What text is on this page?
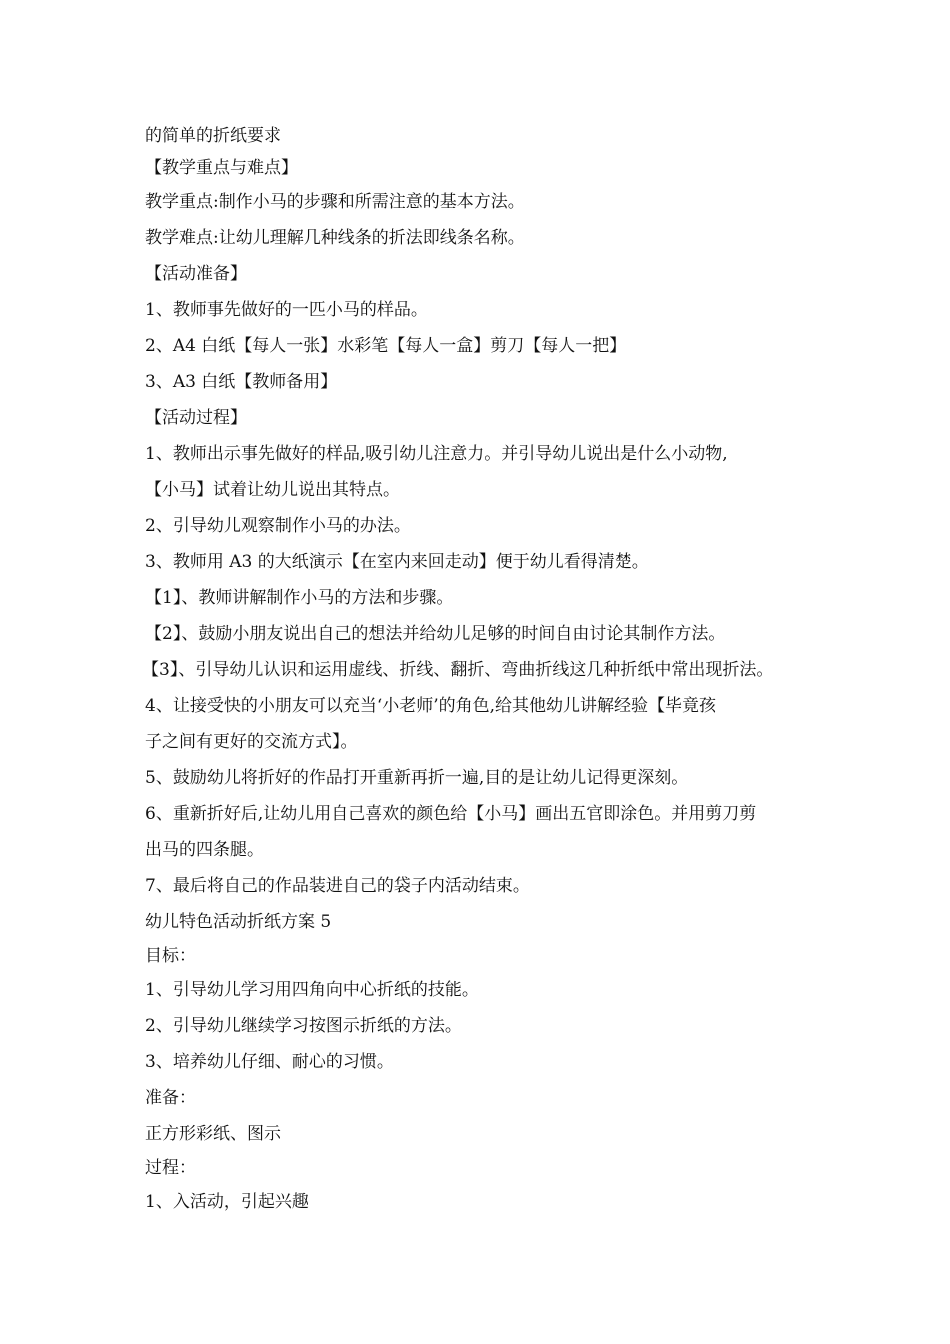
的简单的折纸要求
【教学重点与难点】
教学重点:制作小马的步骤和所需注意的基本方法。
教学难点:让幼儿理解几种线条的折法即线条名称。
【活动准备】
1、教师事先做好的一匹小马的样品。
2、A4 白纸【每人一张】水彩笔【每人一盒】剪刀【每人一把】
3、A3 白纸【教师备用】
【活动过程】
1、教师出示事先做好的样品,吸引幼儿注意力。并引导幼儿说出是什么小动物,
【小马】试着让幼儿说出其特点。
2、引导幼儿观察制作小马的办法。
3、教师用 A3 的大纸演示【在室内来回走动】便于幼儿看得清楚。
【1】、教师讲解制作小马的方法和步骤。
【2】、鼓励小朋友说出自己的想法并给幼儿足够的时间自由讨论其制作方法。
【3】、引导幼儿认识和运用虚线、折线、翻折、弯曲折线这几种折纸中常出现折法。
4、让接受快的小朋友可以充当‘小老师’的角色,给其他幼儿讲解经验【毕竟孩
子之间有更好的交流方式】。
5、鼓励幼儿将折好的作品打开重新再折一遍,目的是让幼儿记得更深刻。
6、重新折好后,让幼儿用自己喜欢的颜色给【小马】画出五官即涂色。并用剪刀剪
出马的四条腿。
7、最后将自己的作品装进自己的袋子内活动结束。
幼儿特色活动折纸方案 5
目标：
1、引导幼儿学习用四角向中心折纸的技能。
2、引导幼儿继续学习按图示折纸的方法。
3、培养幼儿仔细、耐心的习惯。
准备：
正方形彩纸、图示
过程：
1、入活动，引起兴趣
